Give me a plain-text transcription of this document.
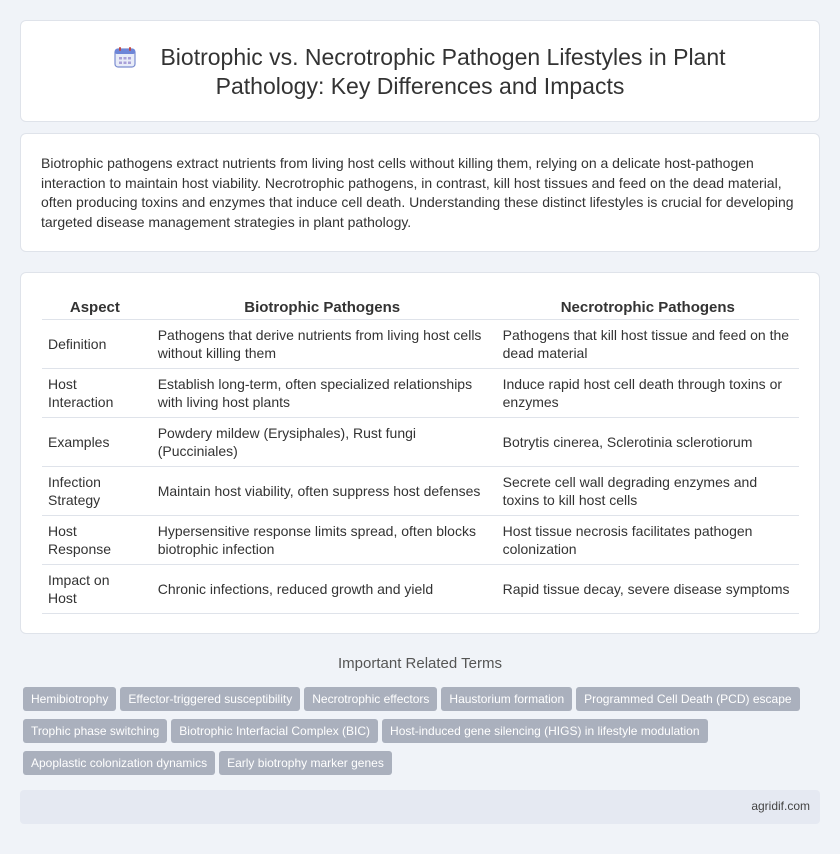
Biotrophic vs. Necrotrophic Pathogen Lifestyles in Plant Pathology: Key Differences and Impacts

Biotrophic pathogens extract nutrients from living host cells without killing them, relying on a delicate host-pathogen interaction to maintain host viability. Necrotrophic pathogens, in contrast, kill host tissues and feed on the dead material, often producing toxins and enzymes that induce cell death. Understanding these distinct lifestyles is crucial for developing targeted disease management strategies in plant pathology.

Aspect		Biotrophic Pathogens		Necrotrophic Pathogens
Definition		Pathogens that derive nutrients from living host cells without killing them		Pathogens that kill host tissue and feed on the dead material
Host Interaction		Establish long-term, often specialized relationships with living host plants		Induce rapid host cell death through toxins or enzymes
Examples		Powdery mildew (Erysiphales), Rust fungi (Pucciniales)		Botrytis cinerea, Sclerotinia sclerotiorum
Infection Strategy		Maintain host viability, often suppress host defenses		Secrete cell wall degrading enzymes and toxins to kill host cells
Host Response		Hypersensitive response limits spread, often blocks biotrophic infection		Host tissue necrosis facilitates pathogen colonization
Impact on Host		Chronic infections, reduced growth and yield		Rapid tissue decay, severe disease symptoms
Important Related Terms
Hemibiotrophy Effector-triggered susceptibility Necrotrophic effectors Haustorium formation Programmed Cell Death (PCD) escape
Trophic phase switching Biotrophic Interfacial Complex (BIC) Host-induced gene silencing (HIGS) in lifestyle modulation
Apoplastic colonization dynamics Early biotrophy marker genes
agridif.com
